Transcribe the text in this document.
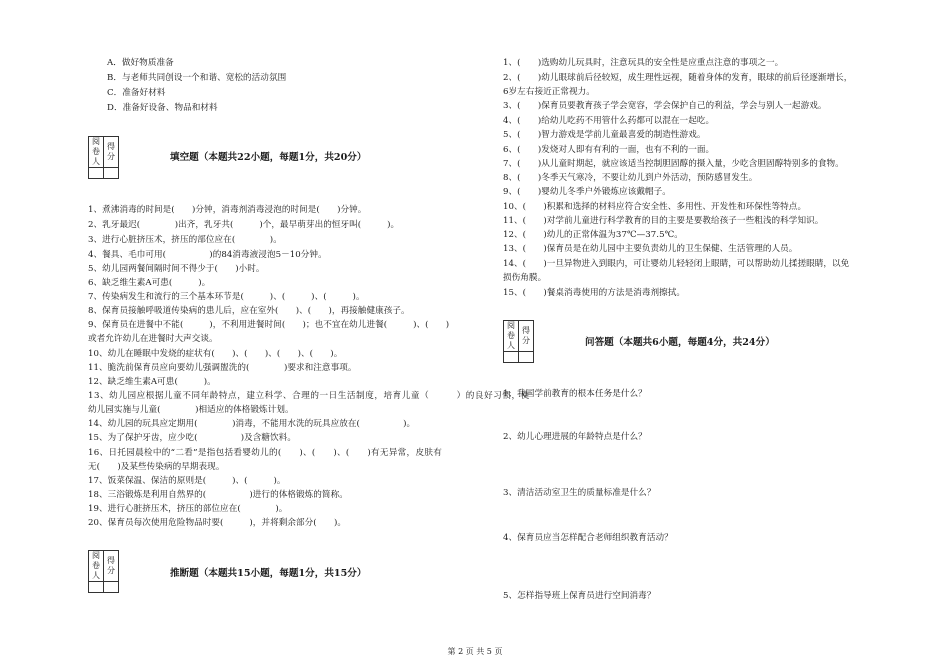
A．做好物质准备
B．与老师共同创设一个和谐、宽松的活动氛围
C．准备好材料
D．准备好设备、物品和材料
阅卷人	得分
		填空题（本题共22小题，每题1分，共20分）
1、煮沸消毒的时间是(　　)分钟，消毒剂消毒浸泡的时间是(　　)分钟。
2、乳牙最迟(　　　　)出齐，乳牙共(　　　)个，最早萌芽出的恒牙叫(　　　)。
3、进行心脏挤压术，挤压的部位应在(　　　　)。
4、餐具、毛巾可用(　　　　　)的84消毒液浸泡5－10分钟。
5、幼儿园两餐间隔时间不得少于(　　)小时。
6、缺乏维生素A可患(　　　)。
7、传染病发生和流行的三个基本环节是(　　　)、(　　　)、(　　　)。
8、保育员接触呼吸道传染病的患儿后，应在室外(　　)、(　　)，再接触健康孩子。
9、保育员在进餐中不能(　　　)，不利用进餐时间(　　)；也不宜在幼儿进餐(　　　)、(　　)
或者允许幼儿在进餐时大声交谈。
10、幼儿在睡眠中发烧的症状有(　　)、(　　)、(　　)、(　　)。
11、脆洗前保育员应向要幼儿强调盥洗的(　　　　)要求和注意事项。
12、缺乏维生素A可患(　　　)。
13、幼儿园应根据儿童不同年龄特点，建立科学、合理的一日生活制度，培育儿童（　　　）的良好习惯，使
幼儿园实施与儿童(　　　　)相适应的体格锻炼计划。
14、幼儿园的玩具应定期用(　　　　)消毒，不能用水洗的玩具应放在(　　　　　)。
15、为了保护牙齿，应少吃(　　　　　)及含糖饮料。
16、日托园晨检中的“二看”是指包括看婴幼儿的(　　)、(　　)、(　　)有无异常，皮肤有
无(　　)及某些传染病的早期表现。
17、饭菜保温、保洁的原则是(　　　)、(　　　)。
18、三浴锻炼是利用自然界的(　　　　　)进行的体格锻炼的简称。
19、进行心脏挤压术，挤压的部位应在(　　　　)。
20、保育员每次使用危险物品时要(　　　)，并将剩余部分(　　)。
阅卷人	得分
		推断题（本题共15小题，每题1分，共15分）
1、(　　)选购幼儿玩具时，注意玩具的安全性是应重点注意的事项之一。
2、(　　)幼儿眼球前后径较短，成生理性远视，随着身体的发育，眼球的前后径逐渐增长，
6岁左右接近正常视力。
3、(　　)保育员要教育孩子学会宽容，学会保护自己的利益，学会与别人一起游戏。
4、(　　)给幼儿吃药不用管什么药都可以混在一起吃。
5、(　　)智力游戏是学前儿童最喜爱的制造性游戏。
6、(　　)发烧对人即有有利的一面，也有不利的一面。
7、(　　)从儿童时期起，就应该适当控制胆固醇的摄入量，少吃含胆固醇特别多的食物。
8、(　　)冬季天气寒冷，不要让幼儿到户外活动，预防感冒发生。
9、(　　)婴幼儿冬季户外锻炼应该戴帽子。
10、(　　)积累和选择的材料应符合安全性、多用性、开发性和环保性等特点。
11、(　　)对学前儿童进行科学教育的目的主要是要教给孩子一些粗浅的科学知识。
12、(　　)幼儿的正常体温为37℃—37.5℃。
13、(　　)保育员是在幼儿园中主要负责幼儿的卫生保健、生活管理的人员。
14、(　　)一旦异物进入到眼内，可让婴幼儿轻轻闭上眼睛，可以帮助幼儿揉搓眼睛，以免
损伤角膜。
15、(　　)餐桌消毒使用的方法是消毒剂擦拭。
阅卷人	得分
		问答题（本题共6小题，每题4分，共24分）
1、我国学前教育的根本任务是什么？
2、幼儿心理进展的年龄特点是什么？
3、清洁活动室卫生的质量标准是什么？
4、保育员应当怎样配合老师组织教育活动？
5、怎样指导班上保育员进行空间消毒？
第 2 页 共 5 页
